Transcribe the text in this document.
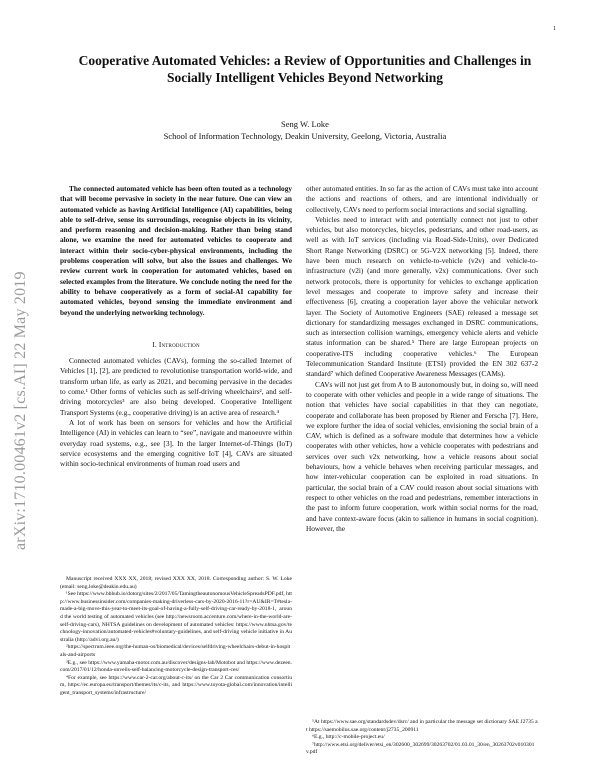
1
arXiv:1710.00461v2 [cs.AI] 22 May 2019
Cooperative Automated Vehicles: a Review of Opportunities and Challenges in Socially Intelligent Vehicles Beyond Networking
Seng W. Loke
School of Information Technology, Deakin University, Geelong, Victoria, Australia

The connected automated vehicle has been often touted as a technology that will become pervasive in society in the near future. One can view an automated vehicle as having Artificial Intelligence (AI) capabilities, being able to self-drive, sense its surroundings, recognise objects in its vicinity, and perform reasoning and decision-making. Rather than being stand alone, we examine the need for automated vehicles to cooperate and interact within their socio-cyber-physical environments, including the problems cooperation will solve, but also the issues and challenges. We review current work in cooperation for automated vehicles, based on selected examples from the literature. We conclude noting the need for the ability to behave cooperatively as a form of social-AI capability for automated vehicles, beyond sensing the immediate environment and beyond the underlying networking technology.

I. Introduction

Connected automated vehicles (CAVs), forming the so-called Internet of Vehicles [1], [2], are predicted to revolutionise transportation world-wide, and transform urban life, as early as 2021, and becoming pervasive in the decades to come.¹ Other forms of vehicles such as self-driving wheelchairs², and self-driving motorcycles³ are also being developed. Cooperative Intelligent Transport Systems (e.g., cooperative driving) is an active area of research.⁴

A lot of work has been on sensors for vehicles and how the Artificial Intelligence (AI) in vehicles can learn to “see”, navigate and manoeuvre within everyday road systems, e.g., see [3]. In the larger Internet-of-Things (IoT) service ecosystems and the emerging cognitive IoT [4], CAVs are situated within socio-technical environments of human road users and

Manuscript received XXX XX, 2018; revised XXX XX, 2018. Corresponding author: S. W. Loke (email: seng.loke@deakin.edu.au)

¹See https://www.bbhub.io/dotorg/sites/2/2017/05/TamingtheautonomousVehicleSpreadsPDF.pdf, http://www.businessinsider.com/companies-making-driverless-cars-by-2020-2016-11?r=AU&IR=T#tesla-made-a-big-move-this-year-to-meet-its-goal-of-having-a-fully-self-driving-car-ready-by-2018-1, around the world testing of automated vehicles (see http://newsroom.accenture.com/where-in-the-world-are-self-driving-cars), NHTSA guidelines on development of automated vehicles: https://www.nhtsa.gov/technology-innovation/automated-vehicles#voluntary-guidelines, and self-driving vehicle initiative in Australia (http://advi.org.au/)

²https://spectrum.ieee.org/the-human-os/biomedical/devices/selfdriving-wheelchairs-debut-in-hospitals-and-airports

³E.g., see https://www.yamaha-motor.com.au/discover/designs-lab/Motobot and https://www.dezeen.com/2017/01/12/honda-unveils-self-balancing-motorcycle-design-transport-ces/

⁴For example, see https://www.car-2-car.org/about-c-its/ on the Car 2 Car communication consortium, https://ec.europa.eu/transport/themes/its/c-its, and https://www.toyota-global.com/innovation/intelligent_transport_systems/infrastructure/

other automated entities. In so far as the action of CAVs must take into account the actions and reactions of others, and are intentional individually or collectively, CAVs need to perform social interactions and social signalling.

Vehicles need to interact with and potentially connect not just to other vehicles, but also motorcycles, bicycles, pedestrians, and other road-users, as well as with IoT services (including via Road-Side-Units), over Dedicated Short Range Networking (DSRC) or 5G-V2X networking [5]. Indeed, there have been much research on vehicle-to-vehicle (v2v) and vehicle-to-infrastructure (v2i) (and more generally, v2x) communications. Over such network protocols, there is opportunity for vehicles to exchange application level messages and cooperate to improve safety and increase their effectiveness [6], creating a cooperation layer above the vehicular network layer. The Society of Automotive Engineers (SAE) released a message set dictionary for standardizing messages exchanged in DSRC communications, such as intersection collision warnings, emergency vehicle alerts and vehicle status information can be shared.⁵ There are large European projects on cooperative-ITS including cooperative vehicles.⁶ The European Telecommunication Standard Institute (ETSI) provided the EN 302 637-2 standard⁷ which defined Cooperative Awareness Messages (CAMs).

CAVs will not just get from A to B autonomously but, in doing so, will need to cooperate with other vehicles and people in a wide range of situations. The notion that vehicles have social capabilities in that they can negotiate, cooperate and collaborate has been proposed by Riener and Ferscha [7]. Here, we explore further the idea of social vehicles, envisioning the social brain of a CAV, which is defined as a software module that determines how a vehicle cooperates with other vehicles, how a vehicle cooperates with pedestrians and services over such v2x networking, how a vehicle reasons about social behaviours, how a vehicle behaves when receiving particular messages, and how inter-vehicular cooperation can be exploited in road situations. In particular, the social brain of a CAV could reason about social situations with respect to other vehicles on the road and pedestrians, remember interactions in the past to inform future cooperation, work within social norms for the road, and have context-aware focus (akin to salience in humans in social cognition). However, the

⁵At https://www.sae.org/standardsdev/dsrc/ and in particular the message set dictionary SAE J2735 at https://saemobilus.sae.org/content/j2735_200911

⁶E.g., http://c-mobile-project.eu/

⁷http://www.etsi.org/deliver/etsi_en/302600_302699/30263702/01.03.01_30/en_30263702v010301v.pdf
